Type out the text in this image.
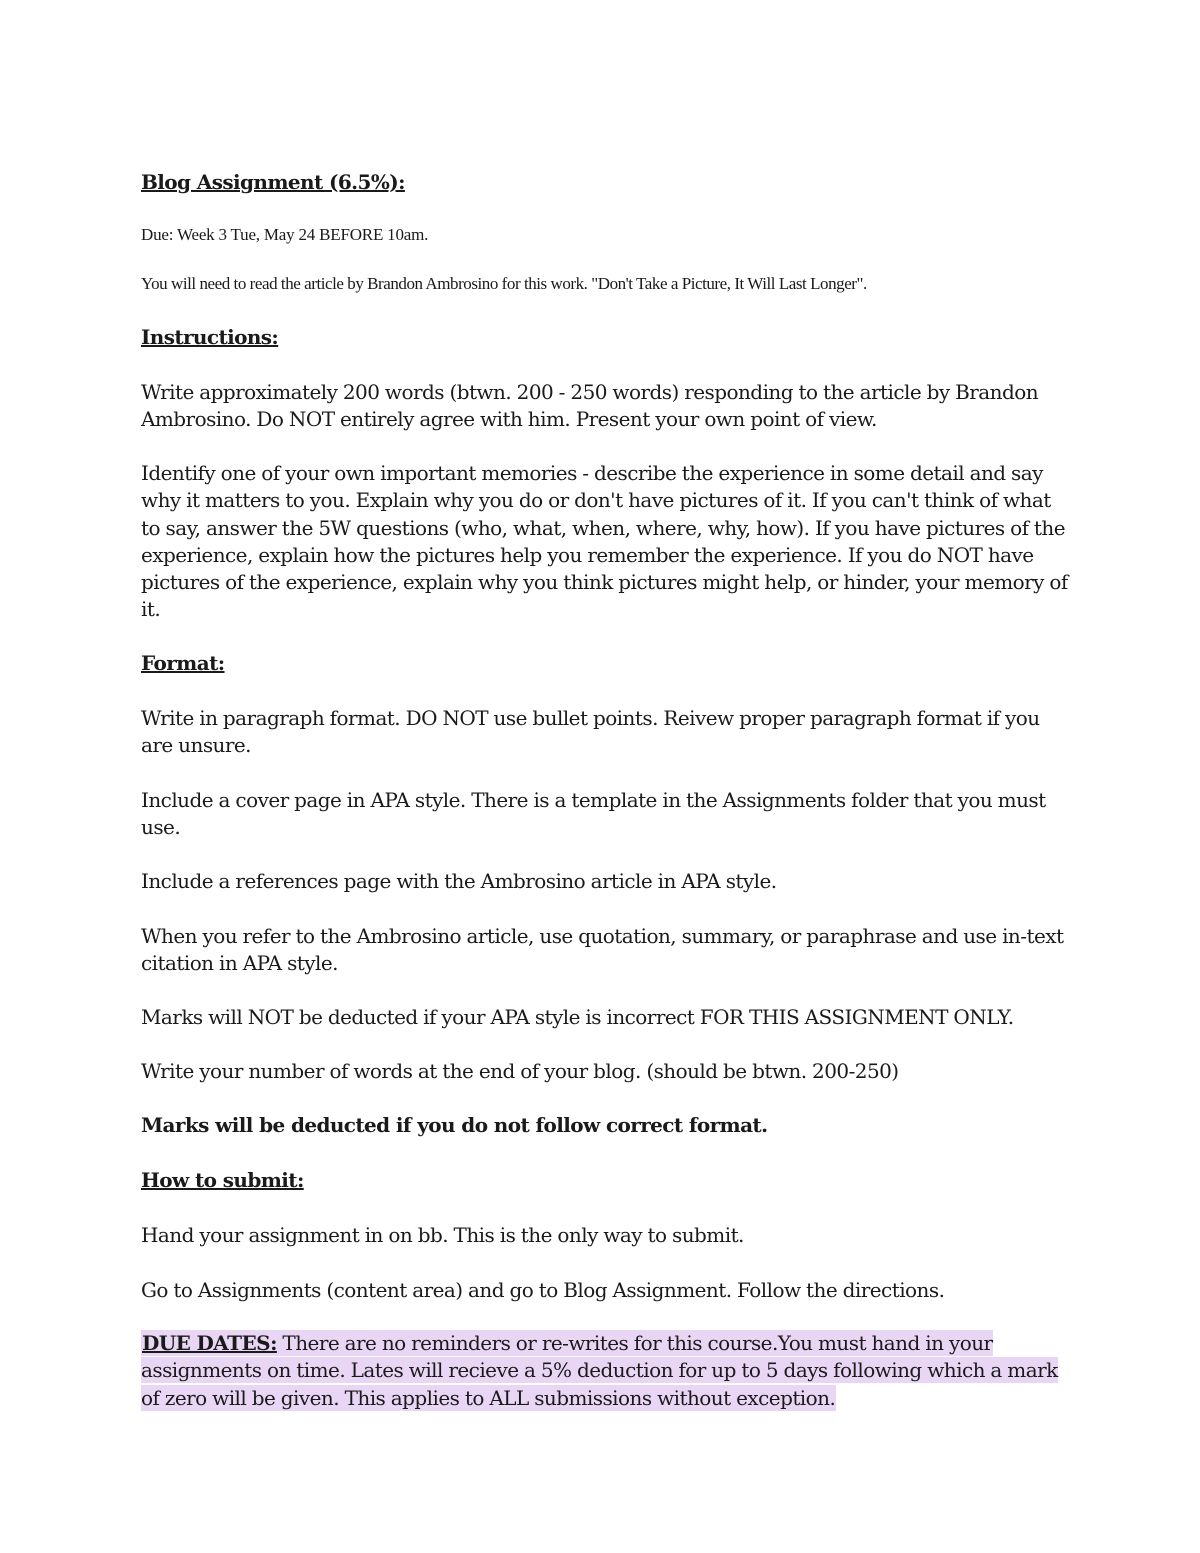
Blog Assignment (6.5%):
Due: Week 3 Tue, May 24 BEFORE 10am.
You will need to read the article by Brandon Ambrosino for this work. "Don't Take a Picture, It Will Last Longer".
Instructions:

Write approximately 200 words (btwn. 200 - 250 words) responding to the article by Brandon Ambrosino. Do NOT entirely agree with him. Present your own point of view.

Identify one of your own important memories - describe the experience in some detail and say why it matters to you. Explain why you do or don't have pictures of it. If you can't think of what to say, answer the 5W questions (who, what, when, where, why, how). If you have pictures of the experience, explain how the pictures help you remember the experience. If you do NOT have pictures of the experience, explain why you think pictures might help, or hinder, your memory of it.

Format:

Write in paragraph format. DO NOT use bullet points. Reivew proper paragraph format if you are unsure.

Include a cover page in APA style. There is a template in the Assignments folder that you must use.

Include a references page with the Ambrosino article in APA style.

When you refer to the Ambrosino article, use quotation, summary, or paraphrase and use in-text citation in APA style.

Marks will NOT be deducted if your APA style is incorrect FOR THIS ASSIGNMENT ONLY.

Write your number of words at the end of your blog. (should be btwn. 200-250)

Marks will be deducted if you do not follow correct format.
How to submit:

Hand your assignment in on bb. This is the only way to submit.

Go to Assignments (content area) and go to Blog Assignment. Follow the directions.

DUE DATES: There are no reminders or re-writes for this course.You must hand in your assignments on time. Lates will recieve a 5% deduction for up to 5 days following which a mark of zero will be given. This applies to ALL submissions without exception.
